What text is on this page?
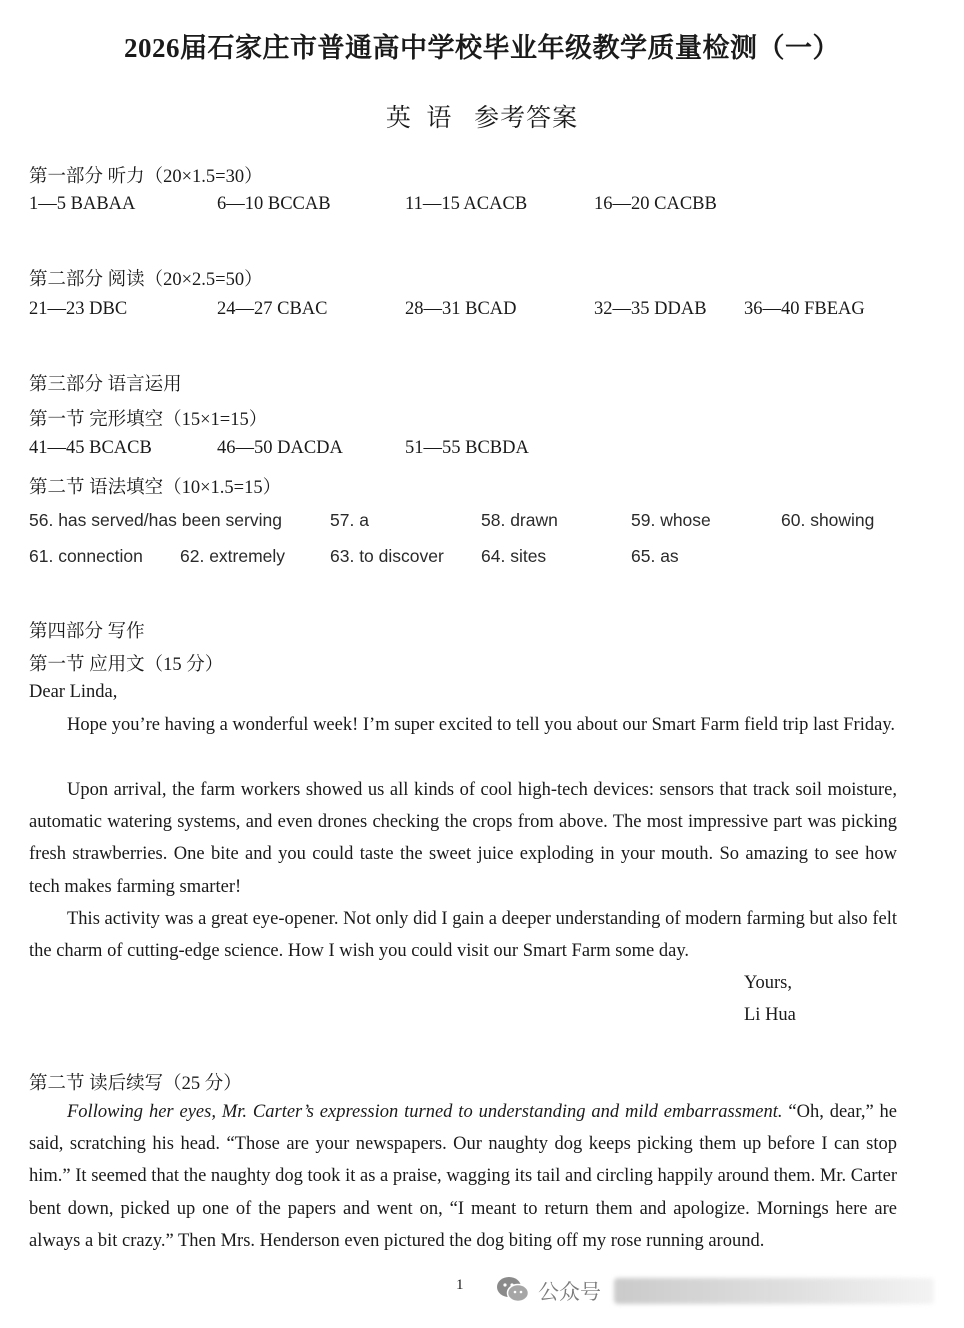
2026届石家庄市普通高中学校毕业年级教学质量检测（一）
英  语   参考答案
第一部分 听力（20×1.5=30）
1—5 BABAA	6—10 BCCAB	11—15 ACACB	16—20 CACBB
第二部分 阅读（20×2.5=50）
21—23 DBC	24—27 CBAC	28—31 BCAD	32—35 DDAB 36—40 FBEAG
第三部分 语言运用
第一节 完形填空（15×1=15）
41—45 BCACB	46—50 DACDA	51—55 BCBDA
第二节 语法填空（10×1.5=15）
56. has served/has been serving	57. a	58. drawn	59. whose	60. showing
61. connection 62. extremely	63. to discover 64. sites	65. as
第四部分 写作
第一节 应用文（15 分）
Dear Linda,
Hope you’re having a wonderful week! I’m super excited to tell you about our Smart Farm field trip last Friday.
Upon arrival, the farm workers showed us all kinds of cool high-tech devices: sensors that track soil moisture, automatic watering systems, and even drones checking the crops from above. The most impressive part was picking fresh strawberries. One bite and you could taste the sweet juice exploding in your mouth. So amazing to see how tech makes farming smarter!
This activity was a great eye-opener. Not only did I gain a deeper understanding of modern farming but also felt the charm of cutting-edge science. How I wish you could visit our Smart Farm some day.
Yours,
Li Hua
第二节 读后续写（25 分）
Following her eyes, Mr. Carter’s expression turned to understanding and mild embarrassment. “Oh, dear,” he said, scratching his head. “Those are your newspapers. Our naughty dog keeps picking them up before I can stop him.” It seemed that the naughty dog took it as a praise, wagging its tail and circling happily around them. Mr. Carter bent down, picked up one of the papers and went on, “I meant to return them and apologize. Mornings here are always a bit crazy.” Then Mrs. Henderson even pictured the dog biting off my rose running around.
1	公众号
